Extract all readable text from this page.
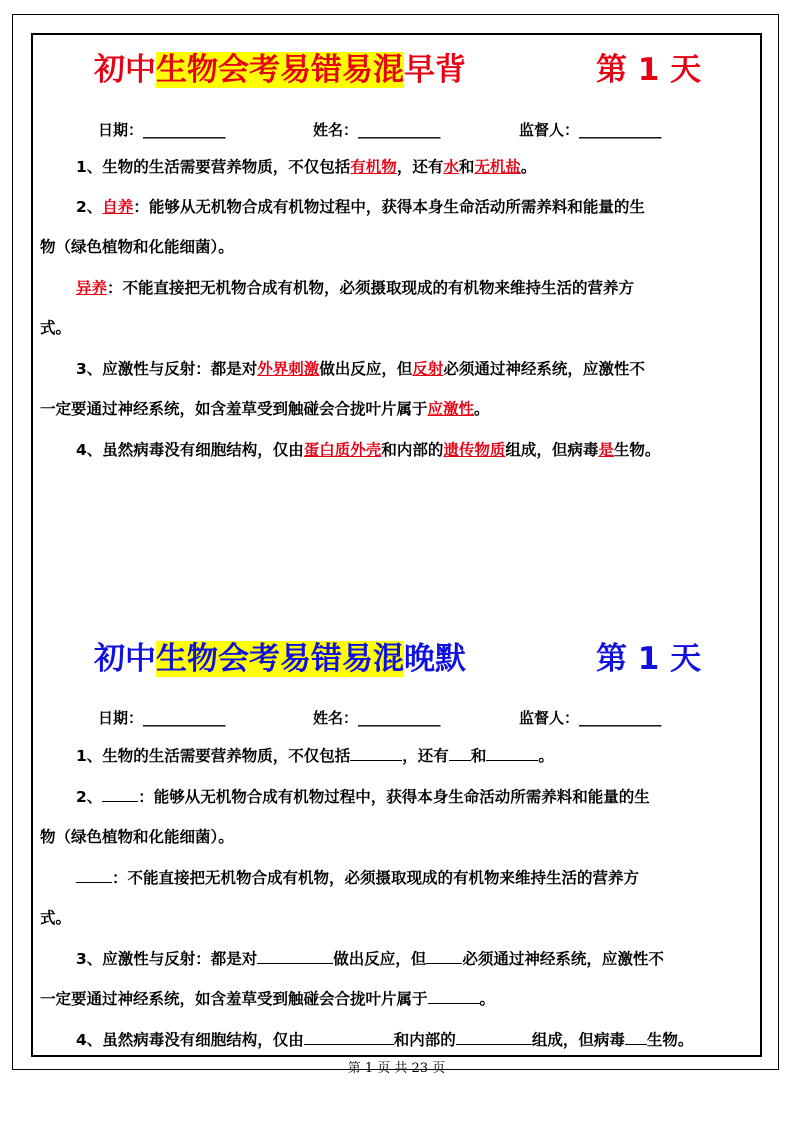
初中生物会考易错易混早背	第 1 天
日期：___________	姓名：___________	监督人：___________
1、生物的生活需要营养物质，不仅包括有机物，还有水和无机盐。
2、自养：能够从无机物合成有机物过程中，获得本身生命活动所需养料和能量的生
物（绿色植物和化能细菌）。
异养：不能直接把无机物合成有机物，必须摄取现成的有机物来维持生活的营养方
式。
3、应激性与反射：都是对外界刺激做出反应，但反射必须通过神经系统，应激性不
一定要通过神经系统，如含羞草受到触碰会合拢叶片属于应激性。
4、虽然病毒没有细胞结构，仅由蛋白质外壳和内部的遗传物质组成，但病毒是生物。
初中生物会考易错易混晚默	第 1 天
日期：___________	姓名：___________	监督人：___________
1、生物的生活需要营养物质，不仅包括	，还有 和	。
2、 ：能够从无机物合成有机物过程中，获得本身生命活动所需养料和能量的生
物（绿色植物和化能细菌）。
：不能直接把无机物合成有机物，必须摄取现成的有机物来维持生活的营养方
式。
3、应激性与反射：都是对	做出反应，但 必须通过神经系统，应激性不
一定要通过神经系统，如含羞草受到触碰会合拢叶片属于	。
4、虽然病毒没有细胞结构，仅由	和内部的	组成，但病毒 生物。
第 1 页 共 23 页
